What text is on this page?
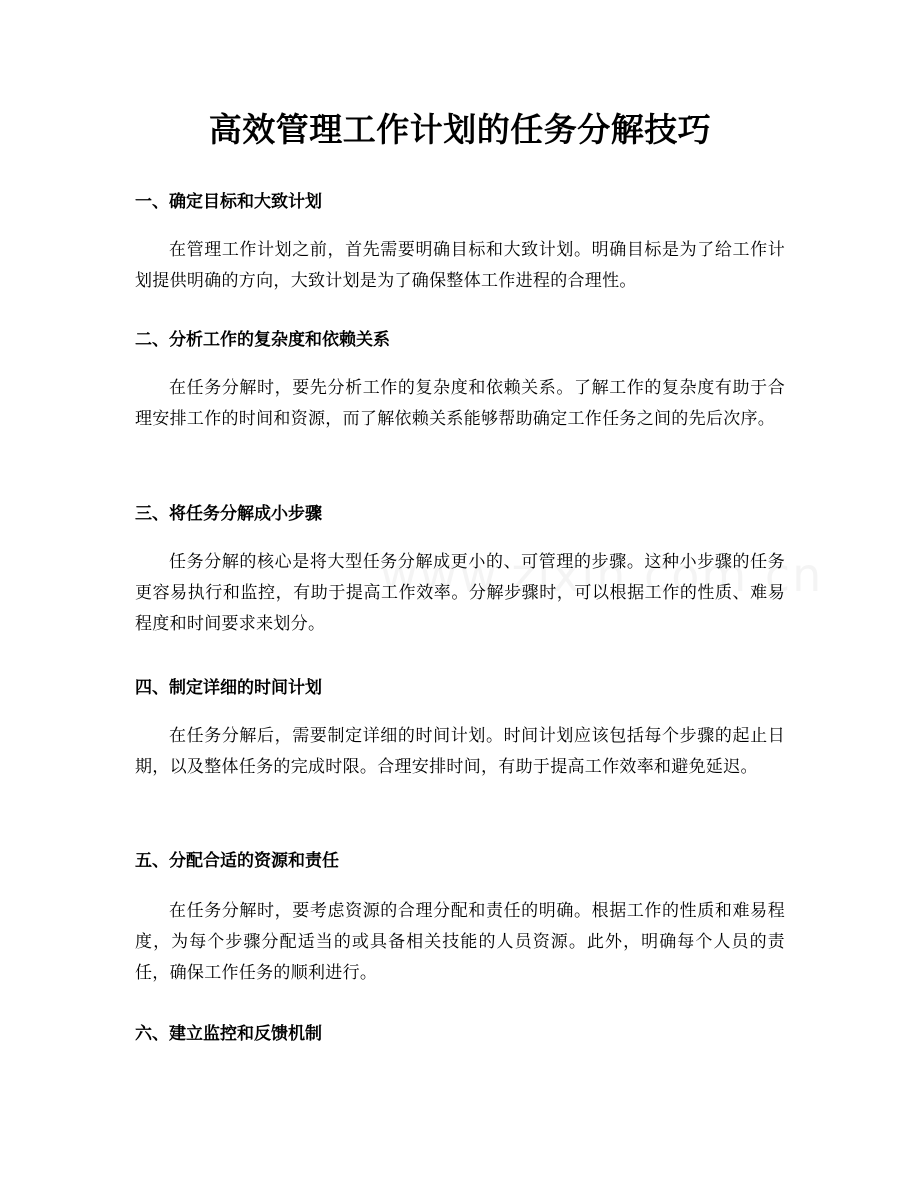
高效管理工作计划的任务分解技巧
一、确定目标和大致计划

在管理工作计划之前，首先需要明确目标和大致计划。明确目标是为了给工作计划提供明确的方向，大致计划是为了确保整体工作进程的合理性。

二、分析工作的复杂度和依赖关系

在任务分解时，要先分析工作的复杂度和依赖关系。了解工作的复杂度有助于合理安排工作的时间和资源，而了解依赖关系能够帮助确定工作任务之间的先后次序。

三、将任务分解成小步骤

任务分解的核心是将大型任务分解成更小的、可管理的步骤。这种小步骤的任务更容易执行和监控，有助于提高工作效率。分解步骤时，可以根据工作的性质、难易程度和时间要求来划分。

四、制定详细的时间计划

在任务分解后，需要制定详细的时间计划。时间计划应该包括每个步骤的起止日期，以及整体任务的完成时限。合理安排时间，有助于提高工作效率和避免延迟。

五、分配合适的资源和责任

在任务分解时，要考虑资源的合理分配和责任的明确。根据工作的性质和难易程度，为每个步骤分配适当的或具备相关技能的人员资源。此外，明确每个人员的责任，确保工作任务的顺利进行。

六、建立监控和反馈机制
